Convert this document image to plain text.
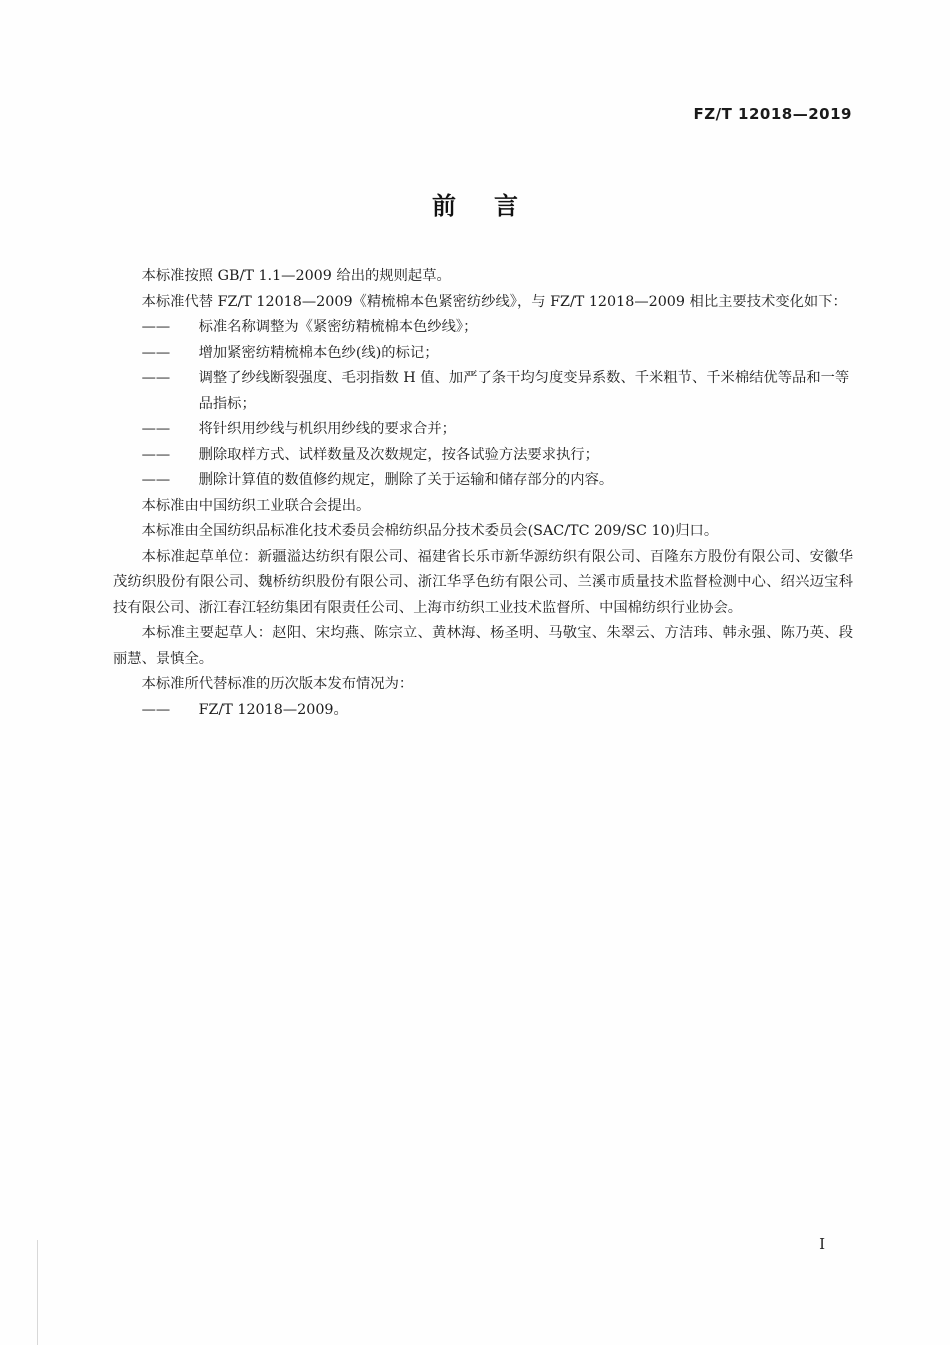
FZ/T 12018—2019
前言

本标准按照 GB/T 1.1—2009 给出的规则起草。

本标准代替 FZ/T 12018—2009《精梳棉本色紧密纺纱线》，与 FZ/T 12018—2009 相比主要技术变化如下：

—— 标准名称调整为《紧密纺精梳棉本色纱线》；
—— 增加紧密纺精梳棉本色纱(线)的标记；
—— 调整了纱线断裂强度、毛羽指数 H 值、加严了条干均匀度变异系数、千米粗节、千米棉结优等品和一等品指标；
—— 将针织用纱线与机织用纱线的要求合并；
—— 删除取样方式、试样数量及次数规定，按各试验方法要求执行；
—— 删除计算值的数值修约规定，删除了关于运输和储存部分的内容。

本标准由中国纺织工业联合会提出。

本标准由全国纺织品标准化技术委员会棉纺织品分技术委员会(SAC/TC 209/SC 10)归口。

本标准起草单位：新疆溢达纺织有限公司、福建省长乐市新华源纺织有限公司、百隆东方股份有限公司、安徽华茂纺织股份有限公司、魏桥纺织股份有限公司、浙江华孚色纺有限公司、兰溪市质量技术监督检测中心、绍兴迈宝科技有限公司、浙江春江轻纺集团有限责任公司、上海市纺织工业技术监督所、中国棉纺织行业协会。

本标准主要起草人：赵阳、宋均燕、陈宗立、黄林海、杨圣明、马敬宝、朱翠云、方洁玮、韩永强、陈乃英、段丽慧、景慎全。

本标准所代替标准的历次版本发布情况为：

—— FZ/T 12018—2009。
I
